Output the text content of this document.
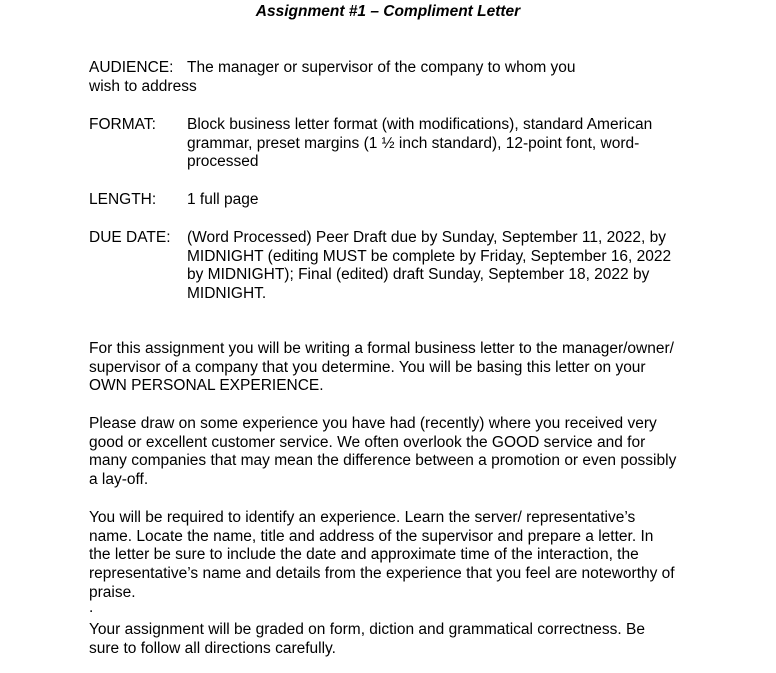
Assignment #1 – Compliment Letter
AUDIENCE: The manager or supervisor of the company to whom you wish to address
FORMAT: Block business letter format (with modifications), standard American grammar, preset margins (1 ½ inch standard), 12-point font, word-processed
LENGTH: 1 full page
DUE DATE: (Word Processed) Peer Draft due by Sunday, September 11, 2022, by MIDNIGHT (editing MUST be complete by Friday, September 16, 2022 by MIDNIGHT); Final (edited) draft Sunday, September 18, 2022 by MIDNIGHT.
For this assignment you will be writing a formal business letter to the manager/owner/ supervisor of a company that you determine. You will be basing this letter on your OWN PERSONAL EXPERIENCE.
Please draw on some experience you have had (recently) where you received very good or excellent customer service. We often overlook the GOOD service and for many companies that may mean the difference between a promotion or even possibly a lay-off.
You will be required to identify an experience. Learn the server/ representative’s name. Locate the name, title and address of the supervisor and prepare a letter. In the letter be sure to include the date and approximate time of the interaction, the representative’s name and details from the experience that you feel are noteworthy of praise.
.
Your assignment will be graded on form, diction and grammatical correctness. Be sure to follow all directions carefully.
